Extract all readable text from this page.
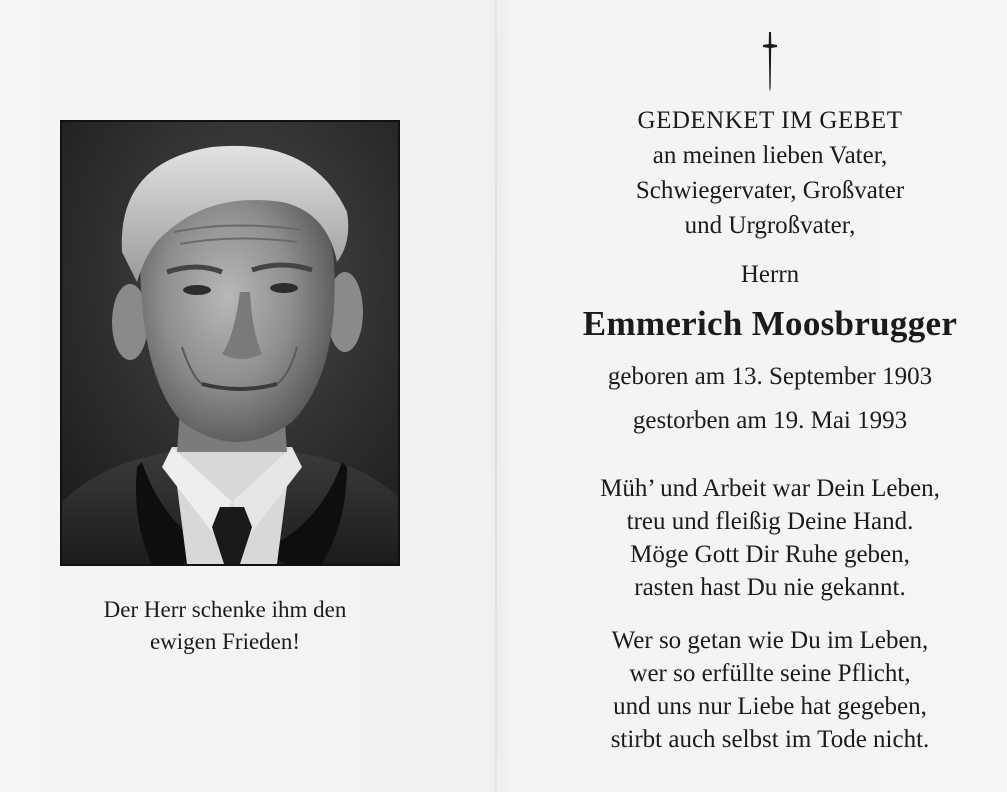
Der Herr schenke ihm den
ewigen Frieden!
GEDENKET IM GEBET
an meinen lieben Vater,
Schwiegervater, Großvater
und Urgroßvater,
Herrn
Emmerich Moosbrugger
geboren am 13. September 1903
gestorben am 19. Mai 1993
Müh’ und Arbeit war Dein Leben,
treu und fleißig Deine Hand.
Möge Gott Dir Ruhe geben,
rasten hast Du nie gekannt.
Wer so getan wie Du im Leben,
wer so erfüllte seine Pflicht,
und uns nur Liebe hat gegeben,
stirbt auch selbst im Tode nicht.
